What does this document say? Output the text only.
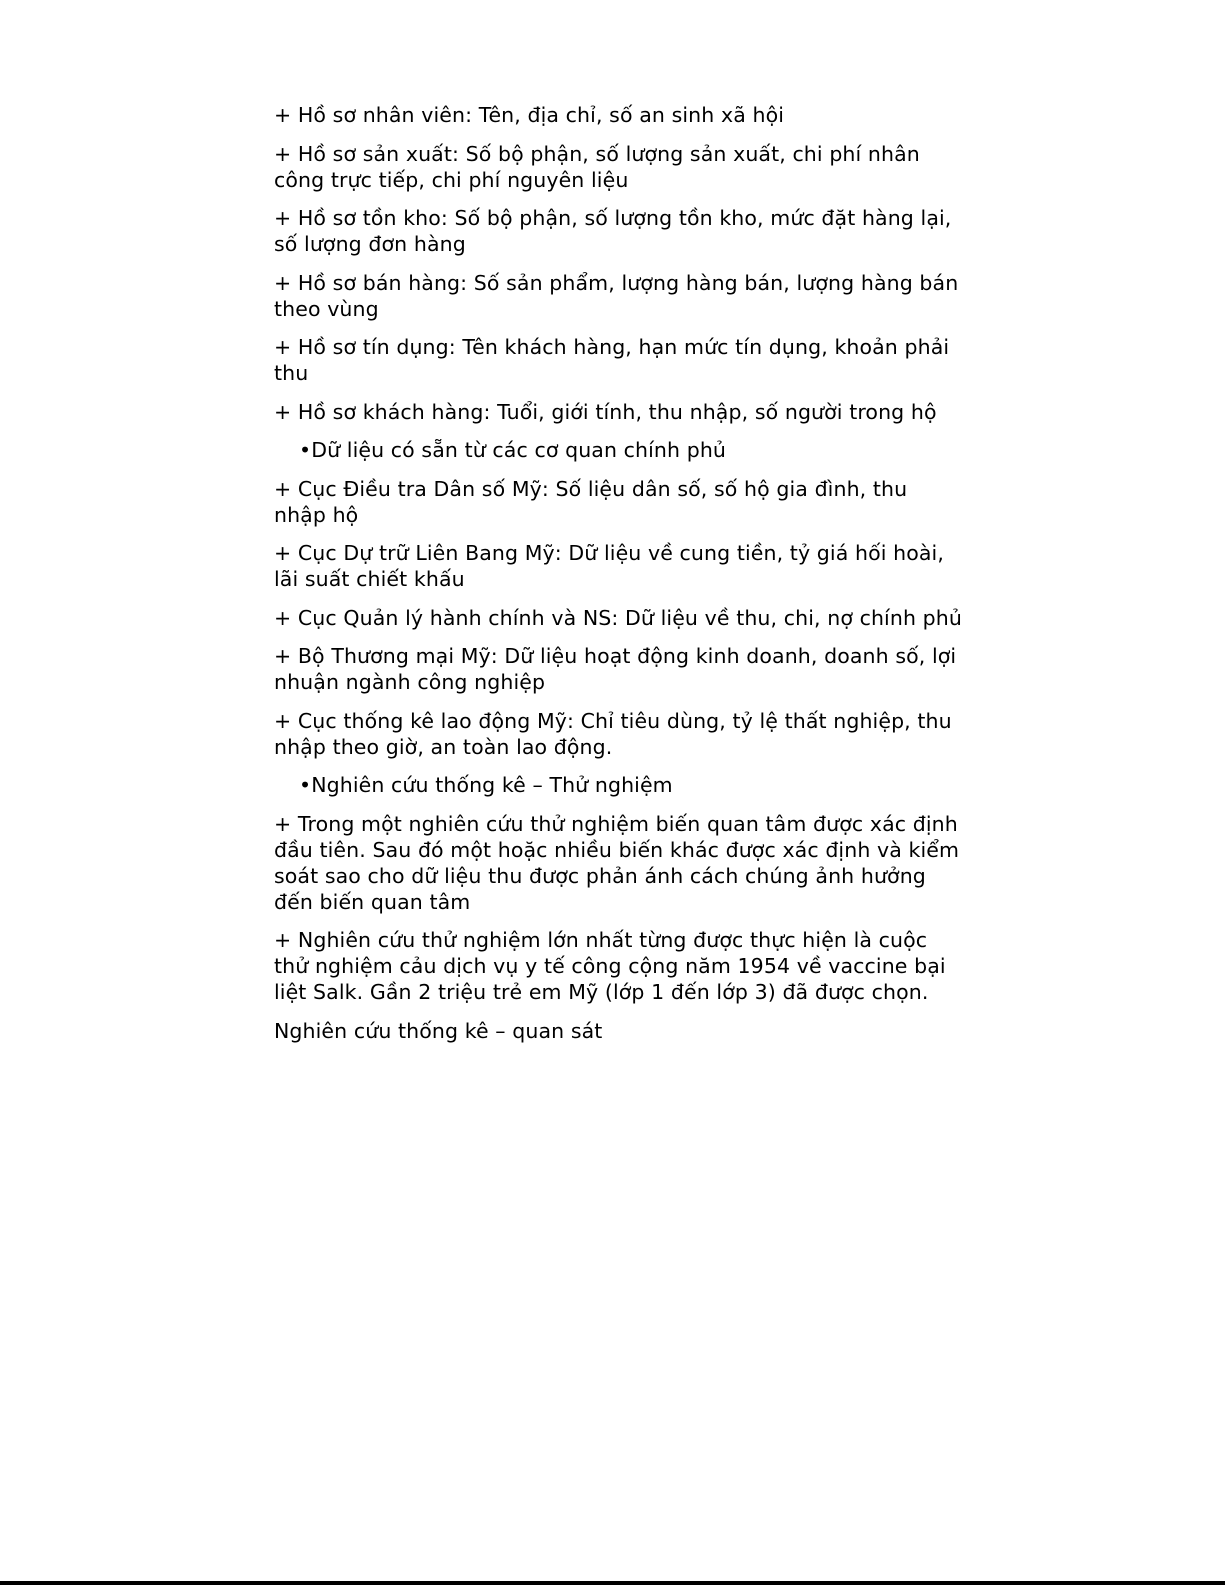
+ Hồ sơ nhân viên: Tên, địa chỉ, số an sinh xã hội

+ Hồ sơ sản xuất: Số bộ phận, số lượng sản xuất, chi phí nhân công trực tiếp, chi phí nguyên liệu

+ Hồ sơ tồn kho: Số bộ phận, số lượng tồn kho, mức đặt hàng lại, số lượng đơn hàng

+ Hồ sơ bán hàng: Số sản phẩm, lượng hàng bán, lượng hàng bán theo vùng

+ Hồ sơ tín dụng: Tên khách hàng, hạn mức tín dụng, khoản phải thu

+ Hồ sơ khách hàng: Tuổi, giới tính, thu nhập, số người trong hộ

•Dữ liệu có sẵn từ các cơ quan chính phủ

+ Cục Điều tra Dân số Mỹ: Số liệu dân số, số hộ gia đình, thu nhập hộ

+ Cục Dự trữ Liên Bang Mỹ: Dữ liệu về cung tiền, tỷ giá hối hoài, lãi suất chiết khấu

+ Cục Quản lý hành chính và NS: Dữ liệu về thu, chi, nợ chính phủ

+ Bộ Thương mại Mỹ: Dữ liệu hoạt động kinh doanh, doanh số, lợi nhuận ngành công nghiệp

+ Cục thống kê lao động Mỹ: Chỉ tiêu dùng, tỷ lệ thất nghiệp, thu nhập theo giờ, an toàn lao động.

•Nghiên cứu thống kê – Thử nghiệm

+ Trong một nghiên cứu thử nghiệm biến quan tâm được xác định đầu tiên. Sau đó một hoặc nhiều biến khác được xác định và kiểm soát sao cho dữ liệu thu được phản ánh cách chúng ảnh hưởng đến biến quan tâm

+ Nghiên cứu thử nghiệm lớn nhất từng được thực hiện là cuộc thử nghiệm cảu dịch vụ y tế công cộng năm 1954 về vaccine bại liệt Salk. Gần 2 triệu trẻ em Mỹ (lớp 1 đến lớp 3) đã được chọn.

Nghiên cứu thống kê – quan sát
